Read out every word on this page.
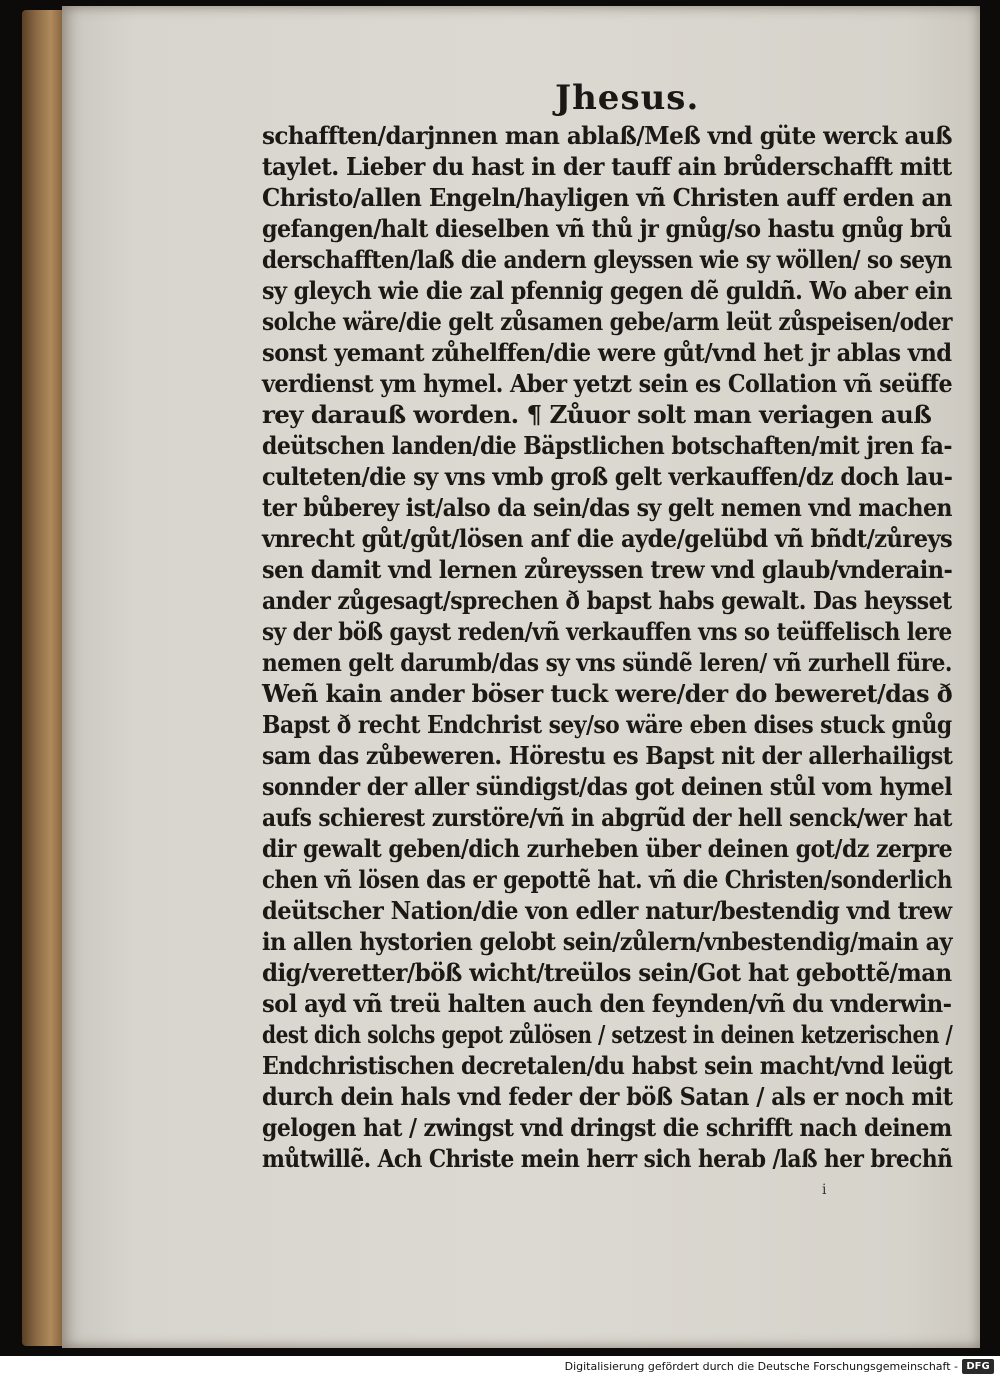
Jhesus.
schafften/darjnnen man ablaß/Meß vnd güte werck auß
taylet. Lieber du hast in der tauff ain brůderschafft mitt
Christo/allen Engeln/hayligen vñ Christen auff erden an
gefangen/halt dieselben vñ thů jr gnůg/so hastu gnůg brů
derschafften/laß die andern gleyssen wie sy wöllen/ so seyn
sy gleych wie die zal pfennig gegen dẽ guldñ. Wo aber ein
solche wäre/die gelt zůsamen gebe/arm leüt zůspeisen/oder
sonst yemant zůhelffen/die were gůt/vnd het jr ablas vnd
verdienst ym hymel. Aber yetzt sein es Collation vñ seüffe
rey darauß worden. ¶ Zůuor solt man veriagen auß
deütschen landen/die Bäpstlichen botschaften/mit jren fa-
culteten/die sy vns vmb groß gelt verkauffen/dz doch lau-
ter bůberey ist/also da sein/das sy gelt nemen vnd machen
vnrecht gůt/gůt/lösen anf die ayde/gelübd vñ bñdt/zůreys
sen damit vnd lernen zůreyssen trew vnd glaub/vnderain-
ander zůgesagt/sprechen ð bapst habs gewalt. Das heysset
sy der böß gayst reden/vñ verkauffen vns so teüffelisch lere
nemen gelt darumb/das sy vns sündẽ leren/ vñ zurhell füre.
Weñ kain ander böser tuck were/der do beweret/das ð
Bapst ð recht Endchrist sey/so wäre eben dises stuck gnůg
sam das zůbeweren. Hörestu es Bapst nit der allerhailigst
sonnder der aller sündigst/das got deinen stůl vom hymel
aufs schierest zurstöre/vñ in abgrũd der hell senck/wer hat
dir gewalt geben/dich zurheben über deinen got/dz zerpre
chen vñ lösen das er gepottẽ hat. vñ die Christen/sonderlich
deütscher Nation/die von edler natur/bestendig vnd trew
in allen hystorien gelobt sein/zůlern/vnbestendig/main ay
dig/veretter/böß wicht/treülos sein/Got hat gebottẽ/man
sol ayd vñ treü halten auch den feynden/vñ du vnderwin-
dest dich solchs gepot zůlösen / setzest in deinen ketzerischen /
Endchristischen decretalen/du habst sein macht/vnd leügt
durch dein hals vnd feder der böß Satan / als er noch mit
gelogen hat / zwingst vnd dringst die schrifft nach deinem
můtwillẽ. Ach Christe mein herr sich herab /laß her brechñ
i
Digitalisierung gefördert durch die Deutsche Forschungsgemeinschaft - DFG
